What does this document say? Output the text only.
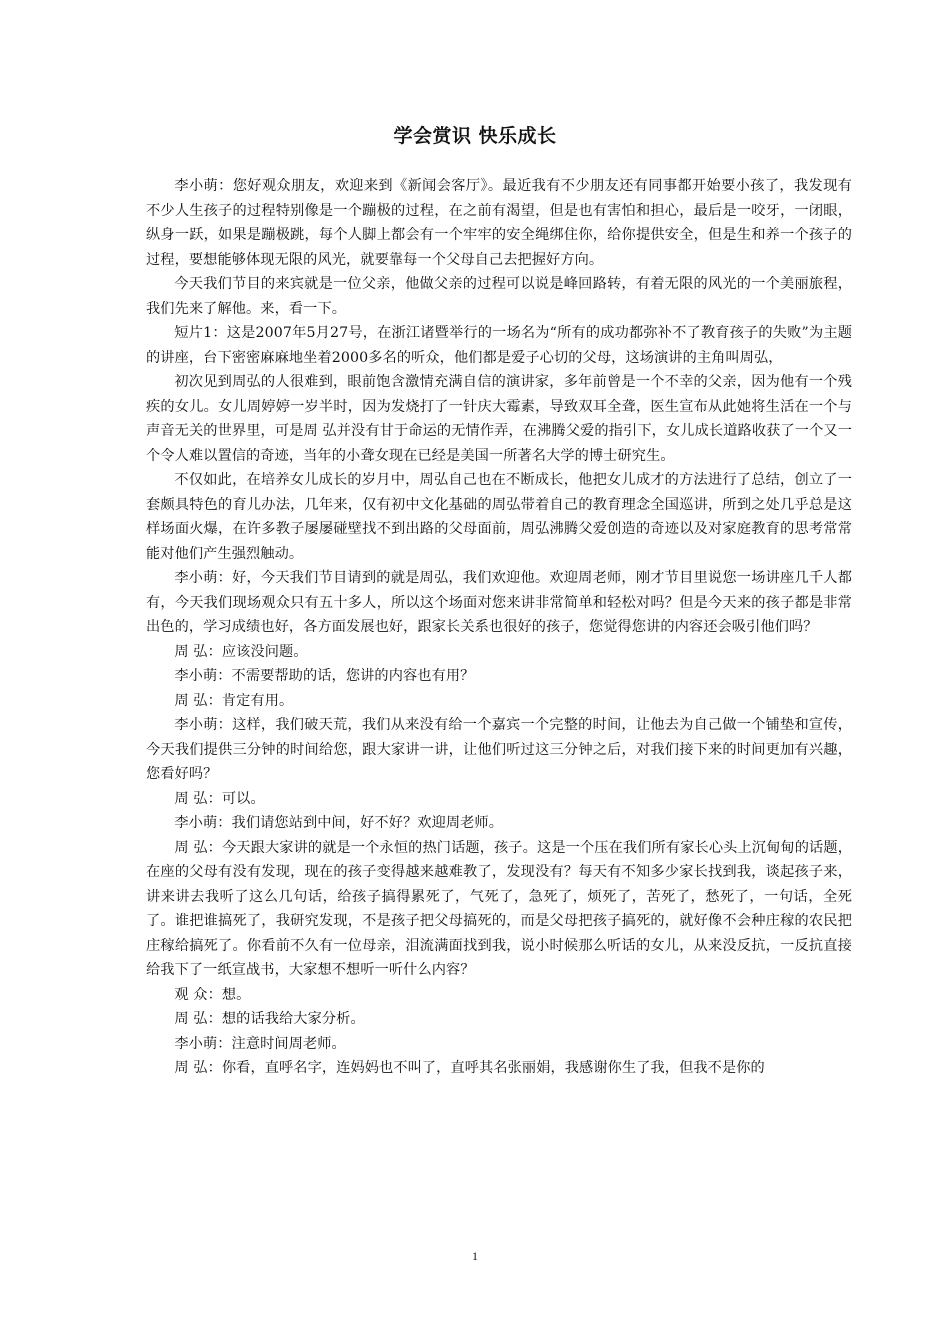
学会赏识 快乐成长

李小萌：您好观众朋友，欢迎来到《新闻会客厅》。最近我有不少朋友还有同事都开始要小孩了，我发现有不少人生孩子的过程特别像是一个蹦极的过程，在之前有渴望，但是也有害怕和担心，最后是一咬牙，一闭眼，纵身一跃，如果是蹦极跳，每个人脚上都会有一个牢牢的安全绳绑住你，给你提供安全，但是生和养一个孩子的过程，要想能够体现无限的风光，就要靠每一个父母自己去把握好方向。

今天我们节目的来宾就是一位父亲，他做父亲的过程可以说是峰回路转，有着无限的风光的一个美丽旅程，我们先来了解他。来，看一下。

短片1：这是2007年5月27号，在浙江诸暨举行的一场名为“所有的成功都弥补不了教育孩子的失败”为主题的讲座，台下密密麻麻地坐着2000多名的听众，他们都是爱子心切的父母，这场演讲的主角叫周弘，

初次见到周弘的人很难到，眼前饱含激情充满自信的演讲家，多年前曾是一个不幸的父亲，因为他有一个残疾的女儿。女儿周婷婷一岁半时，因为发烧打了一针庆大霉素，导致双耳全聋，医生宣布从此她将生活在一个与声音无关的世界里，可是周 弘并没有甘于命运的无情作弄，在沸腾父爱的指引下，女儿成长道路收获了一个又一个令人难以置信的奇迹，当年的小聋女现在已经是美国一所著名大学的博士研究生。

不仅如此，在培养女儿成长的岁月中，周弘自己也在不断成长，他把女儿成才的方法进行了总结，创立了一套颇具特色的育儿办法，几年来，仅有初中文化基础的周弘带着自己的教育理念全国巡讲，所到之处几乎总是这样场面火爆，在许多教子屡屡碰壁找不到出路的父母面前，周弘沸腾父爱创造的奇迹以及对家庭教育的思考常常能对他们产生强烈触动。

李小萌：好，今天我们节目请到的就是周弘，我们欢迎他。欢迎周老师，刚才节目里说您一场讲座几千人都有，今天我们现场观众只有五十多人，所以这个场面对您来讲非常简单和轻松对吗？但是今天来的孩子都是非常出色的，学习成绩也好，各方面发展也好，跟家长关系也很好的孩子，您觉得您讲的内容还会吸引他们吗？

周 弘：应该没问题。

李小萌：不需要帮助的话，您讲的内容也有用？

周 弘：肯定有用。

李小萌：这样，我们破天荒，我们从来没有给一个嘉宾一个完整的时间，让他去为自己做一个铺垫和宣传，今天我们提供三分钟的时间给您，跟大家讲一讲，让他们听过这三分钟之后，对我们接下来的时间更加有兴趣，您看好吗？

周 弘：可以。

李小萌：我们请您站到中间，好不好？欢迎周老师。

周 弘：今天跟大家讲的就是一个永恒的热门话题，孩子。这是一个压在我们所有家长心头上沉甸甸的话题，在座的父母有没有发现，现在的孩子变得越来越难教了，发现没有？每天有不知多少家长找到我，谈起孩子来，讲来讲去我听了这么几句话，给孩子搞得累死了，气死了，急死了，烦死了，苦死了，愁死了，一句话，全死了。谁把谁搞死了，我研究发现，不是孩子把父母搞死的，而是父母把孩子搞死的，就好像不会种庄稼的农民把庄稼给搞死了。你看前不久有一位母亲，泪流满面找到我，说小时候那么听话的女儿，从来没反抗，一反抗直接给我下了一纸宣战书，大家想不想听一听什么内容？

观 众：想。

周 弘：想的话我给大家分析。

李小萌：注意时间周老师。

周 弘：你看，直呼名字，连妈妈也不叫了，直呼其名张丽娟，我感谢你生了我，但我不是你的

1
